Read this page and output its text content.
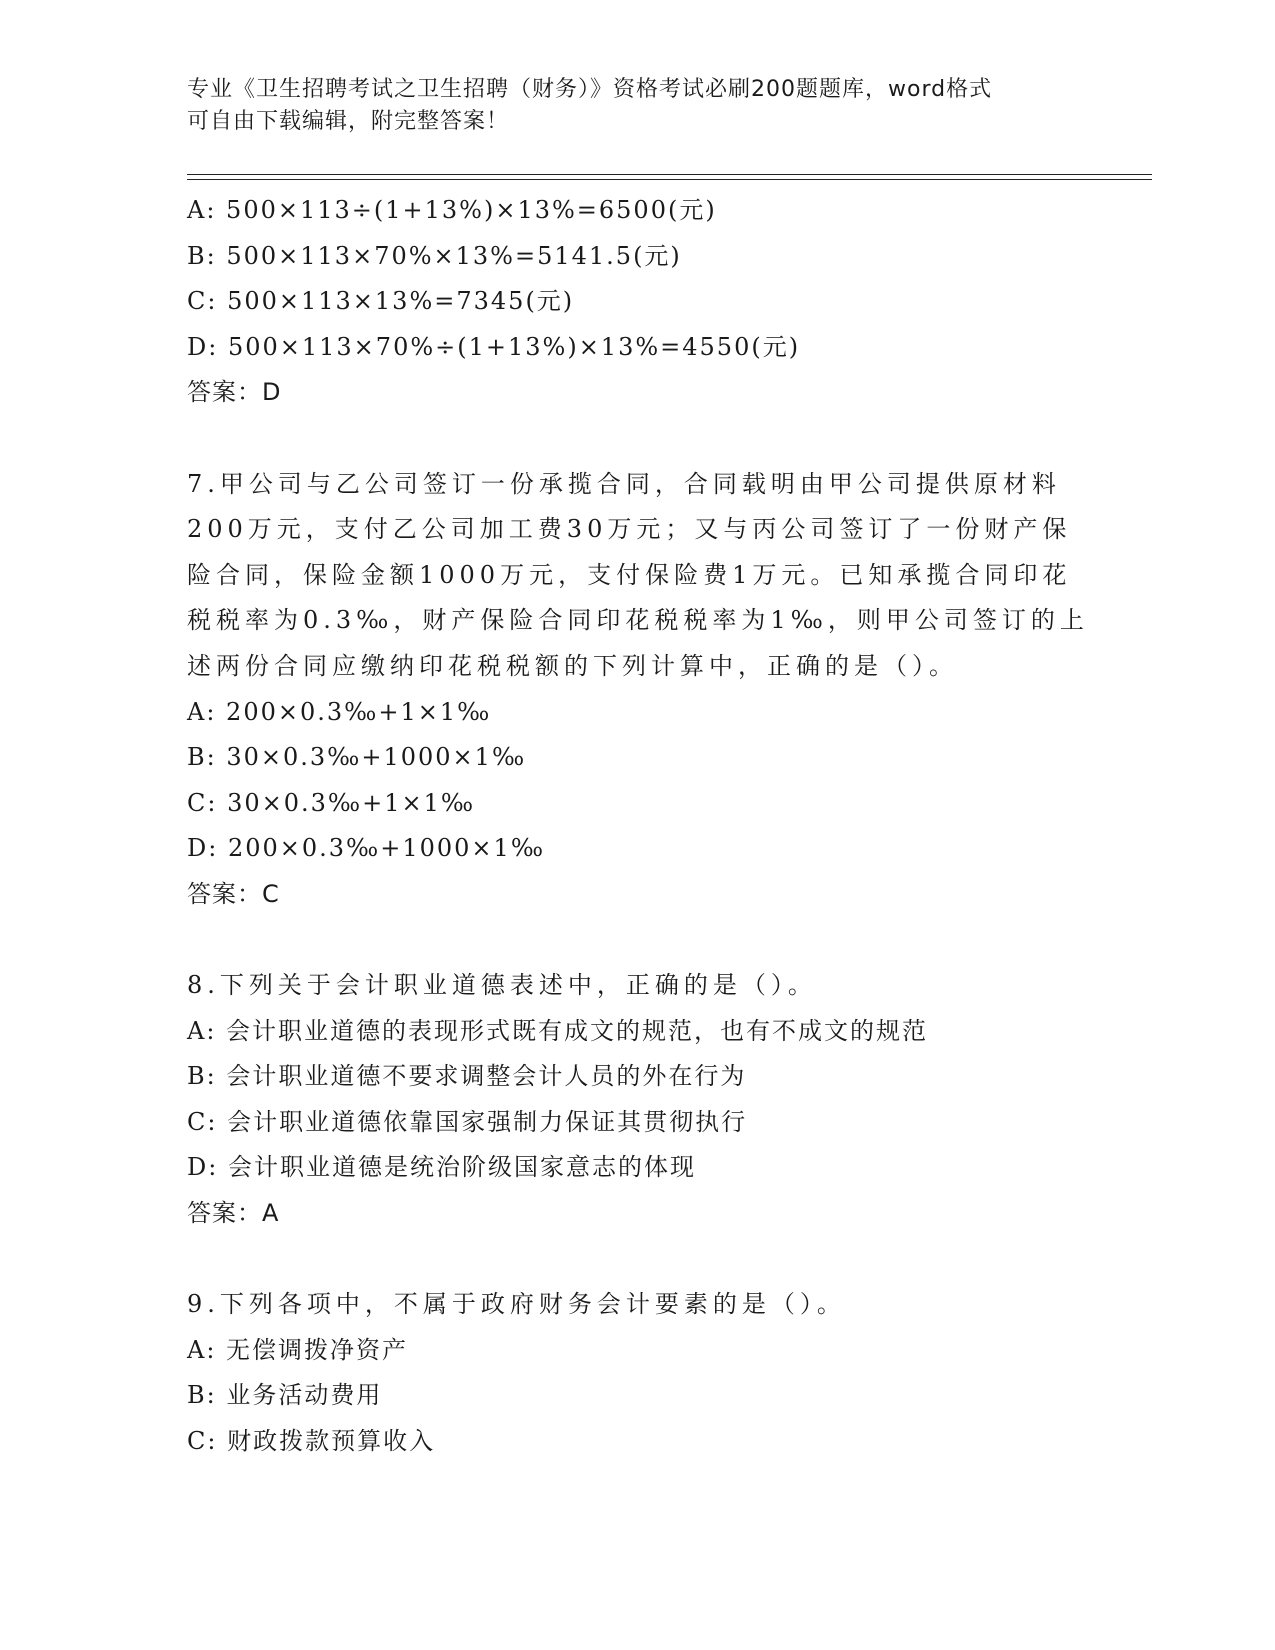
专业《卫生招聘考试之卫生招聘（财务）》资格考试必刷200题题库，word格式
可自由下载编辑，附完整答案！
A: 500×113÷(1+13%)×13%=6500(元)
B: 500×113×70%×13%=5141.5(元)
C: 500×113×13%=7345(元)
D: 500×113×70%÷(1+13%)×13%=4550(元)
答案：D
7.甲公司与乙公司签订一份承揽合同，合同载明由甲公司提供原材料
200万元，支付乙公司加工费30万元；又与丙公司签订了一份财产保
险合同，保险金额1000万元，支付保险费1万元。已知承揽合同印花
税税率为0.3‰，财产保险合同印花税税率为1‰，则甲公司签订的上
述两份合同应缴纳印花税税额的下列计算中，正确的是（）。
A: 200×0.3‰+1×1‰
B: 30×0.3‰+1000×1‰
C: 30×0.3‰+1×1‰
D: 200×0.3‰+1000×1‰
答案：C
8.下列关于会计职业道德表述中，正确的是（）。
A: 会计职业道德的表现形式既有成文的规范，也有不成文的规范
B: 会计职业道德不要求调整会计人员的外在行为
C: 会计职业道德依靠国家强制力保证其贯彻执行
D: 会计职业道德是统治阶级国家意志的体现
答案：A
9.下列各项中，不属于政府财务会计要素的是（）。
A: 无偿调拨净资产
B: 业务活动费用
C: 财政拨款预算收入
